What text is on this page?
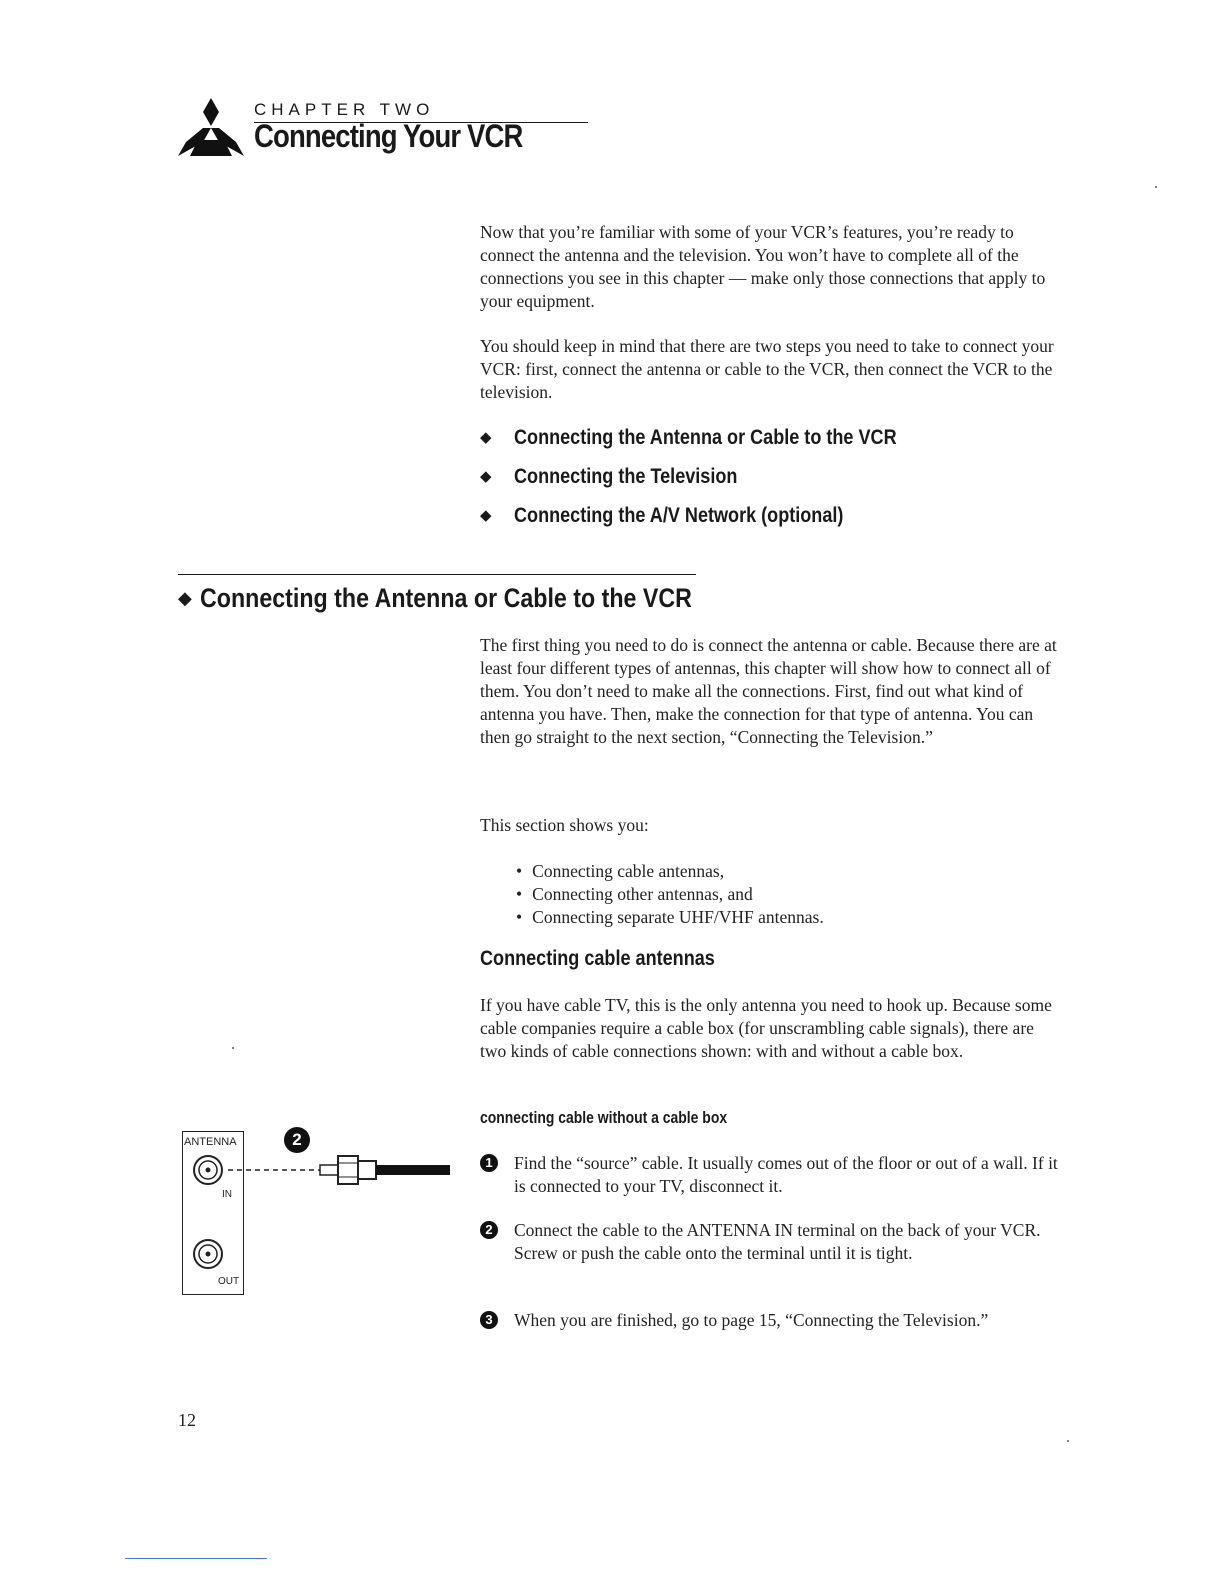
CHAPTER TWO
Connecting Your VCR
Now that you’re familiar with some of your VCR’s features, you’re ready to connect the antenna and the television. You won’t have to complete all of the connections you see in this chapter — make only those connections that apply to your equipment.
You should keep in mind that there are two steps you need to take to connect your VCR: first, connect the antenna or cable to the VCR, then connect the VCR to the television.
◆ Connecting the Antenna or Cable to the VCR
◆ Connecting the Television
◆ Connecting the A/V Network (optional)
◆ Connecting the Antenna or Cable to the VCR
The first thing you need to do is connect the antenna or cable. Because there are at least four different types of antennas, this chapter will show how to connect all of them. You don’t need to make all the connections. First, find out what kind of antenna you have. Then, make the connection for that type of antenna. You can then go straight to the next section, “Connecting the Television.”
This section shows you:
• Connecting cable antennas,
• Connecting other antennas, and
• Connecting separate UHF/VHF antennas.
Connecting cable antennas
If you have cable TV, this is the only antenna you need to hook up. Because some cable companies require a cable box (for unscrambling cable signals), there are two kinds of cable connections shown: with and without a cable box.
connecting cable without a cable box
1	Find the “source” cable. It usually comes out of the floor or out of a wall. If it is connected to your TV, disconnect it.
2	Connect the cable to the ANTENNA IN terminal on the back of your VCR. Screw or push the cable onto the terminal until it is tight.
3	When you are finished, go to page 15, “Connecting the Television.”
ANTENNA
IN
OUT
2
12
